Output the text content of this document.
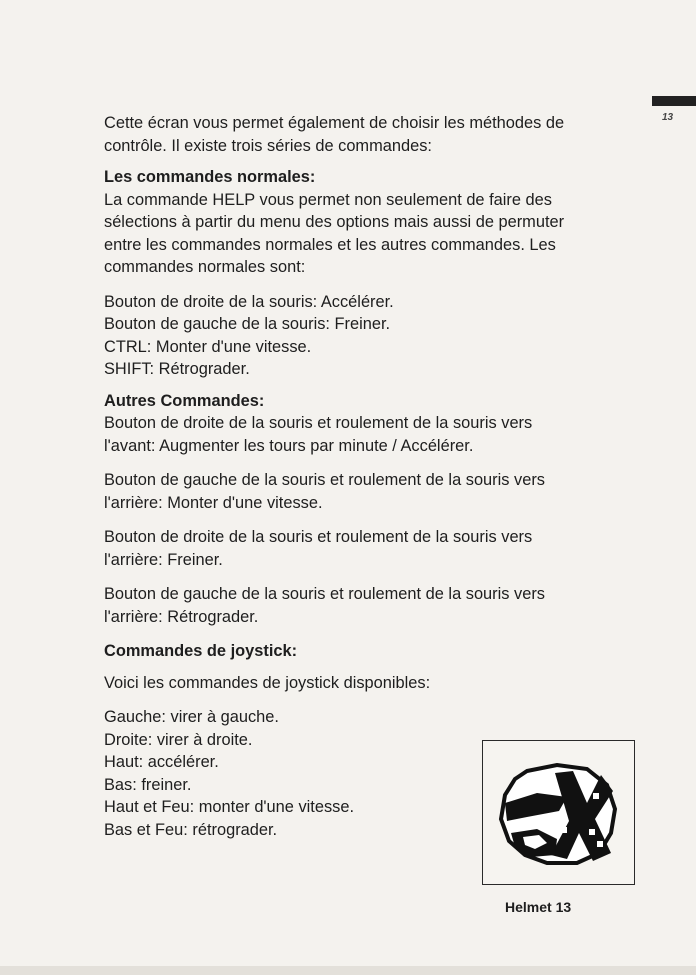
13

Cette écran vous permet également de choisir les méthodes de

contrôle. Il existe trois séries de commandes:

Les commandes normales:

La commande HELP vous permet non seulement de faire des

sélections à partir du menu des options mais aussi de permuter

entre les commandes normales et les autres commandes. Les

commandes normales sont:

Bouton de droite de la souris: Accélérer.

Bouton de gauche de la souris: Freiner.

CTRL: Monter d'une vitesse.

SHIFT: Rétrograder.

Autres Commandes:

Bouton de droite de la souris et roulement de la souris vers

l'avant: Augmenter les tours par minute / Accélérer.

Bouton de gauche de la souris et roulement de la souris vers

l'arrière: Monter d'une vitesse.

Bouton de droite de la souris et roulement de la souris vers

l'arrière: Freiner.

Bouton de gauche de la souris et roulement de la souris vers

l'arrière: Rétrograder.

Commandes de joystick:

Voici les commandes de joystick disponibles:

Gauche: virer à gauche.

Droite: virer à droite.

Haut: accélérer.

Bas: freiner.

Haut et Feu: monter d'une vitesse.

Bas et Feu: rétrograder.

Helmet 13
